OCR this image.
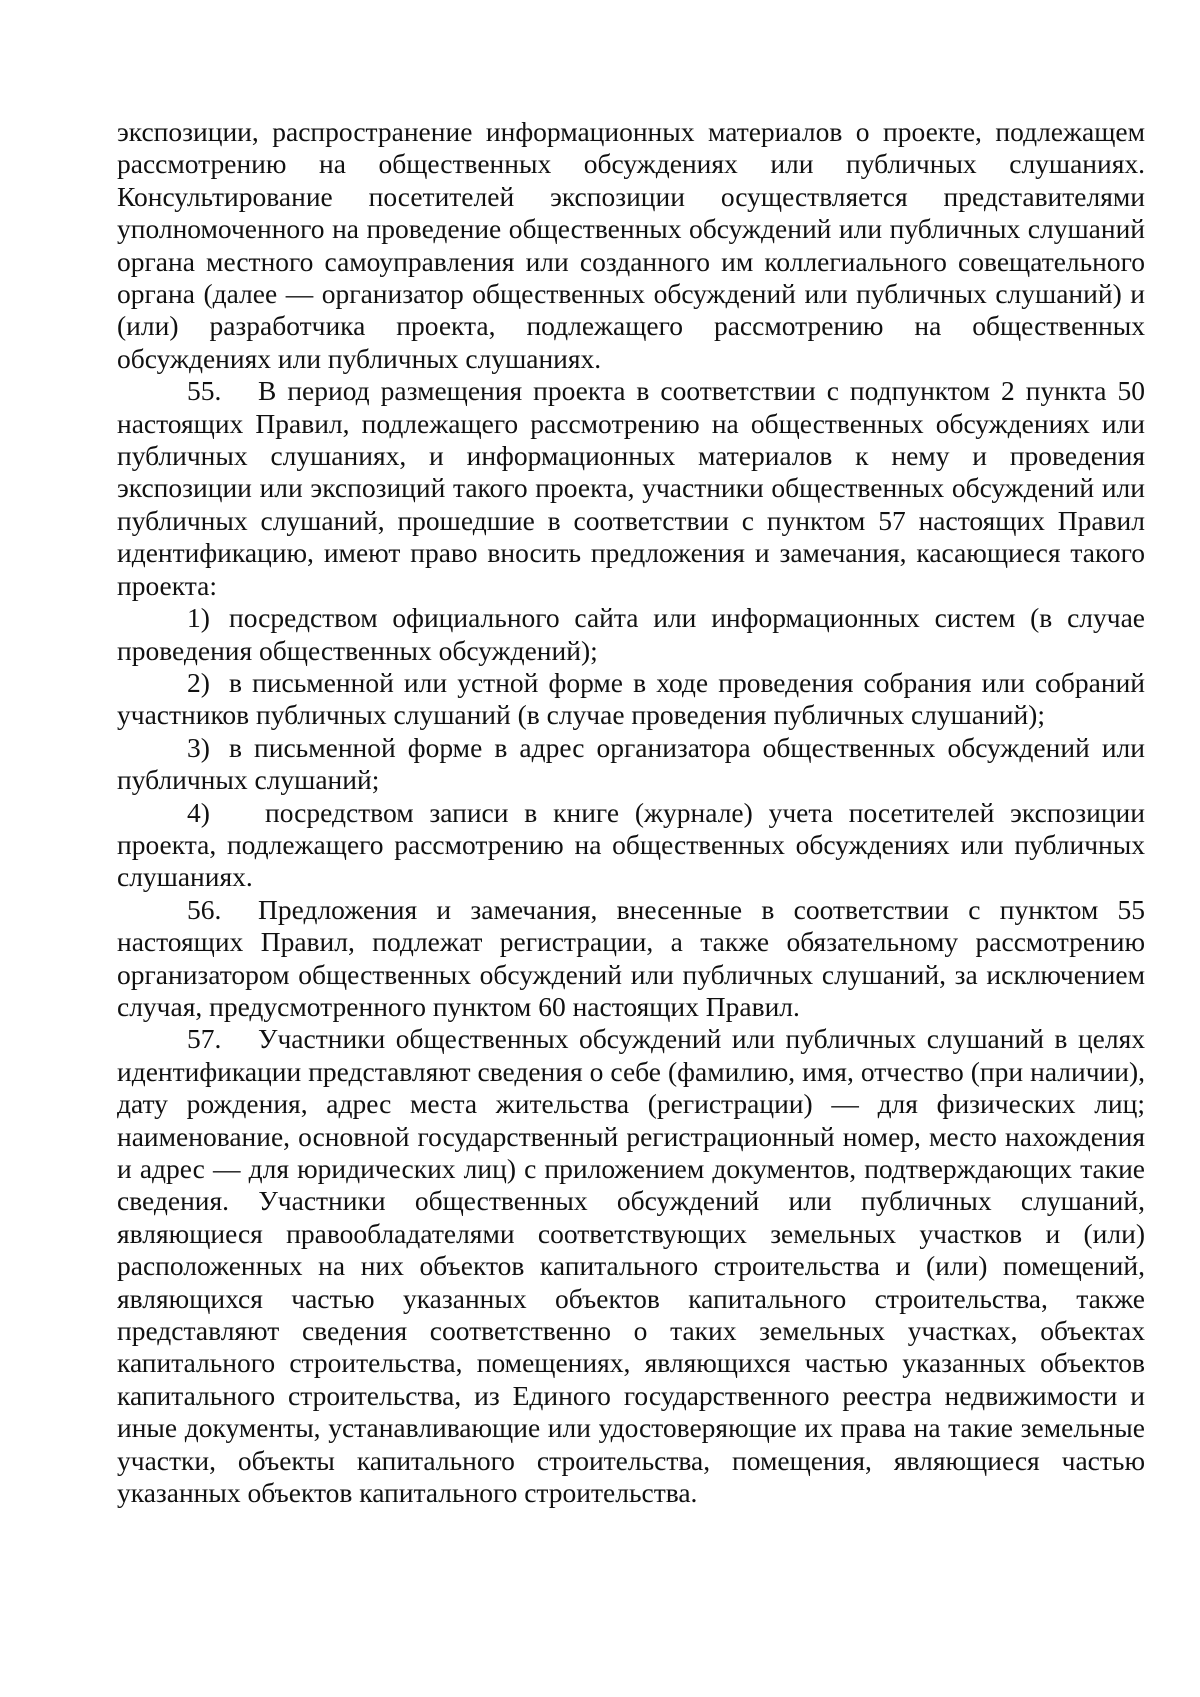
экспозиции, распространение информационных материалов о проекте, подлежащем рассмотрению на общественных обсуждениях или публичных слушаниях. Консультирование посетителей экспозиции осуществляется представителями уполномоченного на проведение общественных обсуждений или публичных слушаний органа местного самоуправления или созданного им коллегиального совещательного органа (далее — организатор общественных обсуждений или публичных слушаний) и (или) разработчика проекта, подлежащего рассмотрению на общественных обсуждениях или публичных слушаниях.

55. В период размещения проекта в соответствии с подпунктом 2 пункта 50 настоящих Правил, подлежащего рассмотрению на общественных обсуждениях или публичных слушаниях, и информационных материалов к нему и проведения экспозиции или экспозиций такого проекта, участники общественных обсуждений или публичных слушаний, прошедшие в соответствии с пунктом 57 настоящих Правил идентификацию, имеют право вносить предложения и замечания, касающиеся такого проекта:

1) посредством официального сайта или информационных систем (в случае проведения общественных обсуждений);

2) в письменной или устной форме в ходе проведения собрания или собраний участников публичных слушаний (в случае проведения публичных слушаний);

3) в письменной форме в адрес организатора общественных обсуждений или публичных слушаний;

4) посредством записи в книге (журнале) учета посетителей экспозиции проекта, подлежащего рассмотрению на общественных обсуждениях или публичных слушаниях.

56. Предложения и замечания, внесенные в соответствии с пунктом 55 настоящих Правил, подлежат регистрации, а также обязательному рассмотрению организатором общественных обсуждений или публичных слушаний, за исключением случая, предусмотренного пунктом 60 настоящих Правил.

57. Участники общественных обсуждений или публичных слушаний в целях идентификации представляют сведения о себе (фамилию, имя, отчество (при наличии), дату рождения, адрес места жительства (регистрации) — для физических лиц; наименование, основной государственный регистрационный номер, место нахождения и адрес — для юридических лиц) с приложением документов, подтверждающих такие сведения. Участники общественных обсуждений или публичных слушаний, являющиеся правообладателями соответствующих земельных участков и (или) расположенных на них объектов капитального строительства и (или) помещений, являющихся частью указанных объектов капитального строительства, также представляют сведения соответственно о таких земельных участках, объектах капитального строительства, помещениях, являющихся частью указанных объектов капитального строительства, из Единого государственного реестра недвижимости и иные документы, устанавливающие или удостоверяющие их права на такие земельные участки, объекты капитального строительства, помещения, являющиеся частью указанных объектов капитального строительства.
